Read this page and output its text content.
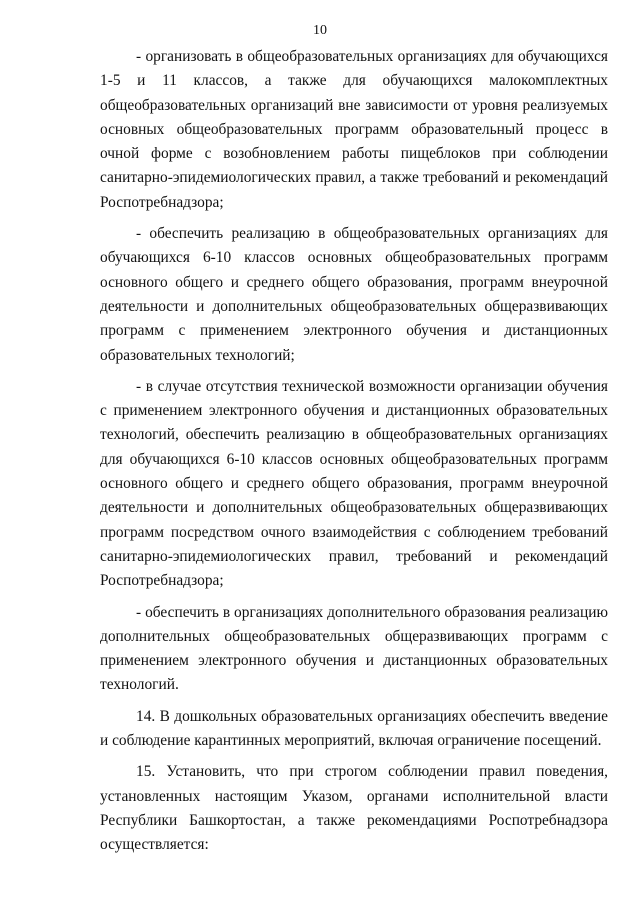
10

- организовать в общеобразовательных организациях для обучающихся 1-5 и 11 классов, а также для обучающихся малокомплектных общеобразовательных организаций вне зависимости от уровня реализуемых основных общеобразовательных программ образовательный процесс в очной форме с возобновлением работы пищеблоков при соблюдении санитарно-эпидемиологических правил, а также требований и рекомендаций Роспотребнадзора;

- обеспечить реализацию в общеобразовательных организациях для обучающихся 6-10 классов основных общеобразовательных программ основного общего и среднего общего образования, программ внеурочной деятельности и дополнительных общеобразовательных общеразвивающих программ с применением электронного обучения и дистанционных образовательных технологий;

- в случае отсутствия технической возможности организации обучения с применением электронного обучения и дистанционных образовательных технологий, обеспечить реализацию в общеобразовательных организациях для обучающихся 6-10 классов основных общеобразовательных программ основного общего и среднего общего образования, программ внеурочной деятельности и дополнительных общеобразовательных общеразвивающих программ посредством очного взаимодействия с соблюдением требований санитарно-эпидемиологических правил, требований и рекомендаций Роспотребнадзора;

- обеспечить в организациях дополнительного образования реализацию дополнительных общеобразовательных общеразвивающих программ с применением электронного обучения и дистанционных образовательных технологий.

14. В дошкольных образовательных организациях обеспечить введение и соблюдение карантинных мероприятий, включая ограничение посещений.

15. Установить, что при строгом соблюдении правил поведения, установленных настоящим Указом, органами исполнительной власти Республики Башкортостан, а также рекомендациями Роспотребнадзора осуществляется:
